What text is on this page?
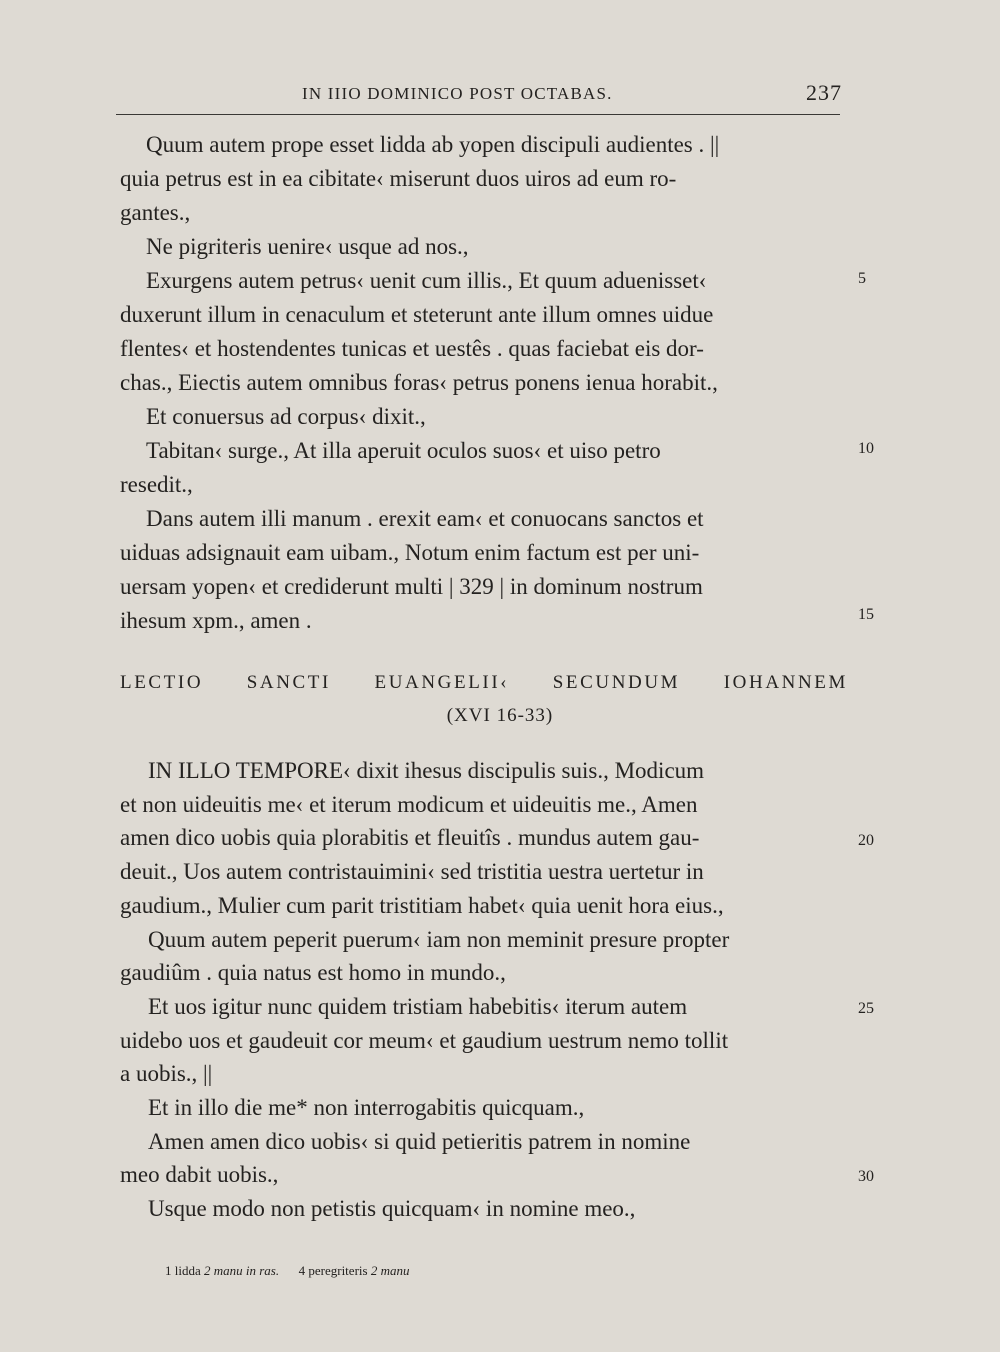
IN IIIO DOMINICO POST OCTABAS.	237
Quum autem prope esset lidda ab yopen discipuli audientes . ||
quia petrus est in ea cibitate‹ miserunt duos uiros ad eum ro-
gantes.,
Ne pigriteris uenire‹ usque ad nos.,
Exurgens autem petrus‹ uenit cum illis., Et quum aduenisset‹
duxerunt illum in cenaculum et steterunt ante illum omnes uidue
flentes‹ et hostendentes tunicas et uestês . quas faciebat eis dor-
chas., Eiectis autem omnibus foras‹ petrus ponens ienua horabit.,
Et conuersus ad corpus‹ dixit.,
Tabitan‹ surge., At illa aperuit oculos suos‹ et uiso petro
resedit.,
Dans autem illi manum . erexit eam‹ et conuocans sanctos et
uiduas adsignauit eam uibam., Notum enim factum est per uni-
uersam yopen‹ et crediderunt multi | 329 | in dominum nostrum
ihesum xpm., amen .
LECTIO SANCTI EUANGELII‹ SECUNDUM IOHANNEM
(XVI 16-33)
IN ILLO TEMPORE‹ dixit ihesus discipulis suis., Modicum
et non uideuitis me‹ et iterum modicum et uideuitis me., Amen
amen dico uobis quia plorabitis et fleuitîs . mundus autem gau-
deuit., Uos autem contristauimini‹ sed tristitia uestra uertetur in
gaudium., Mulier cum parit tristitiam habet‹ quia uenit hora eius.,
Quum autem peperit puerum‹ iam non meminit presure propter
gaudiûm . quia natus est homo in mundo.,
Et uos igitur nunc quidem tristiam habebitis‹ iterum autem
uidebo uos et gaudeuit cor meum‹ et gaudium uestrum nemo tollit
a uobis., ||
Et in illo die me* non interrogabitis quicquam.,
Amen amen dico uobis‹ si quid petieritis patrem in nomine
meo dabit uobis.,
Usque modo non petistis quicquam‹ in nomine meo.,
5
10
15
20
25
30
1 lidda 2 manu in ras. 4 peregriteris 2 manu
